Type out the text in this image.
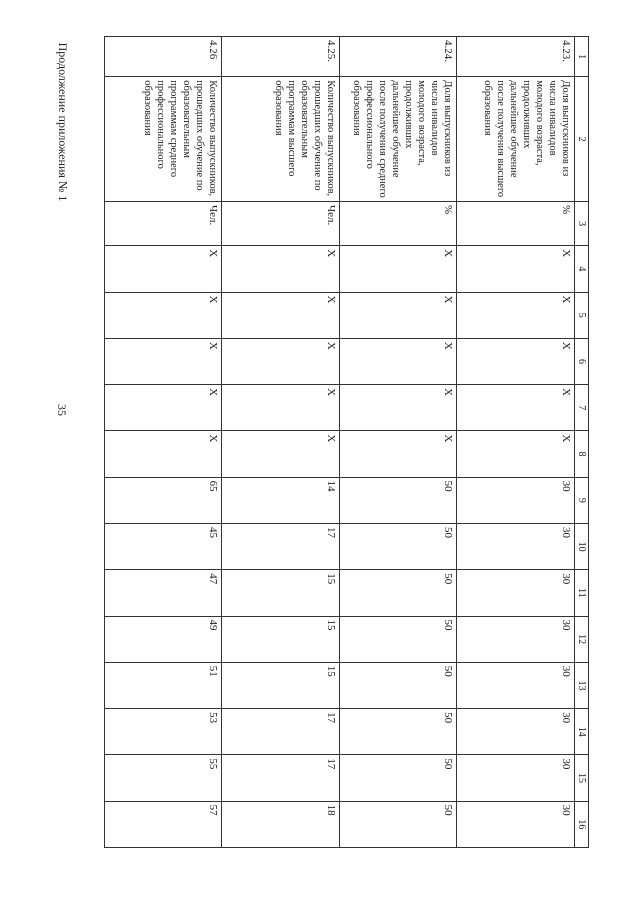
35
Продолжение приложения № 1	1	2	3	4	5	6	7	8	9	10	11	12	13	14	15	16
4.23.	Доля выпускников из числа инвалидов молодого возраста, продолживших дальнейшее обучение после получения высшего образования	%	X	X	X	X	X	30	30	30	30	30	30	30	30
4.24.	Доля выпускников из числа инвалидов молодого возраста, продолживших дальнейшее обучение после получения среднего профессионального образования	%	X	X	X	X	X	50	50	50	50	50	50	50	50
4.25.	Количество выпускников, прошедших обучение по образовательным программам высшего образования	Чел.	X	X	X	X	X	14	17	15	15	15	17	17	18
4.26	Количество выпускников, прошедших обучение по образовательным программам среднего профессионального образования	Чел.	X	X	X	X	X	65	45	47	49	51	53	55	57
